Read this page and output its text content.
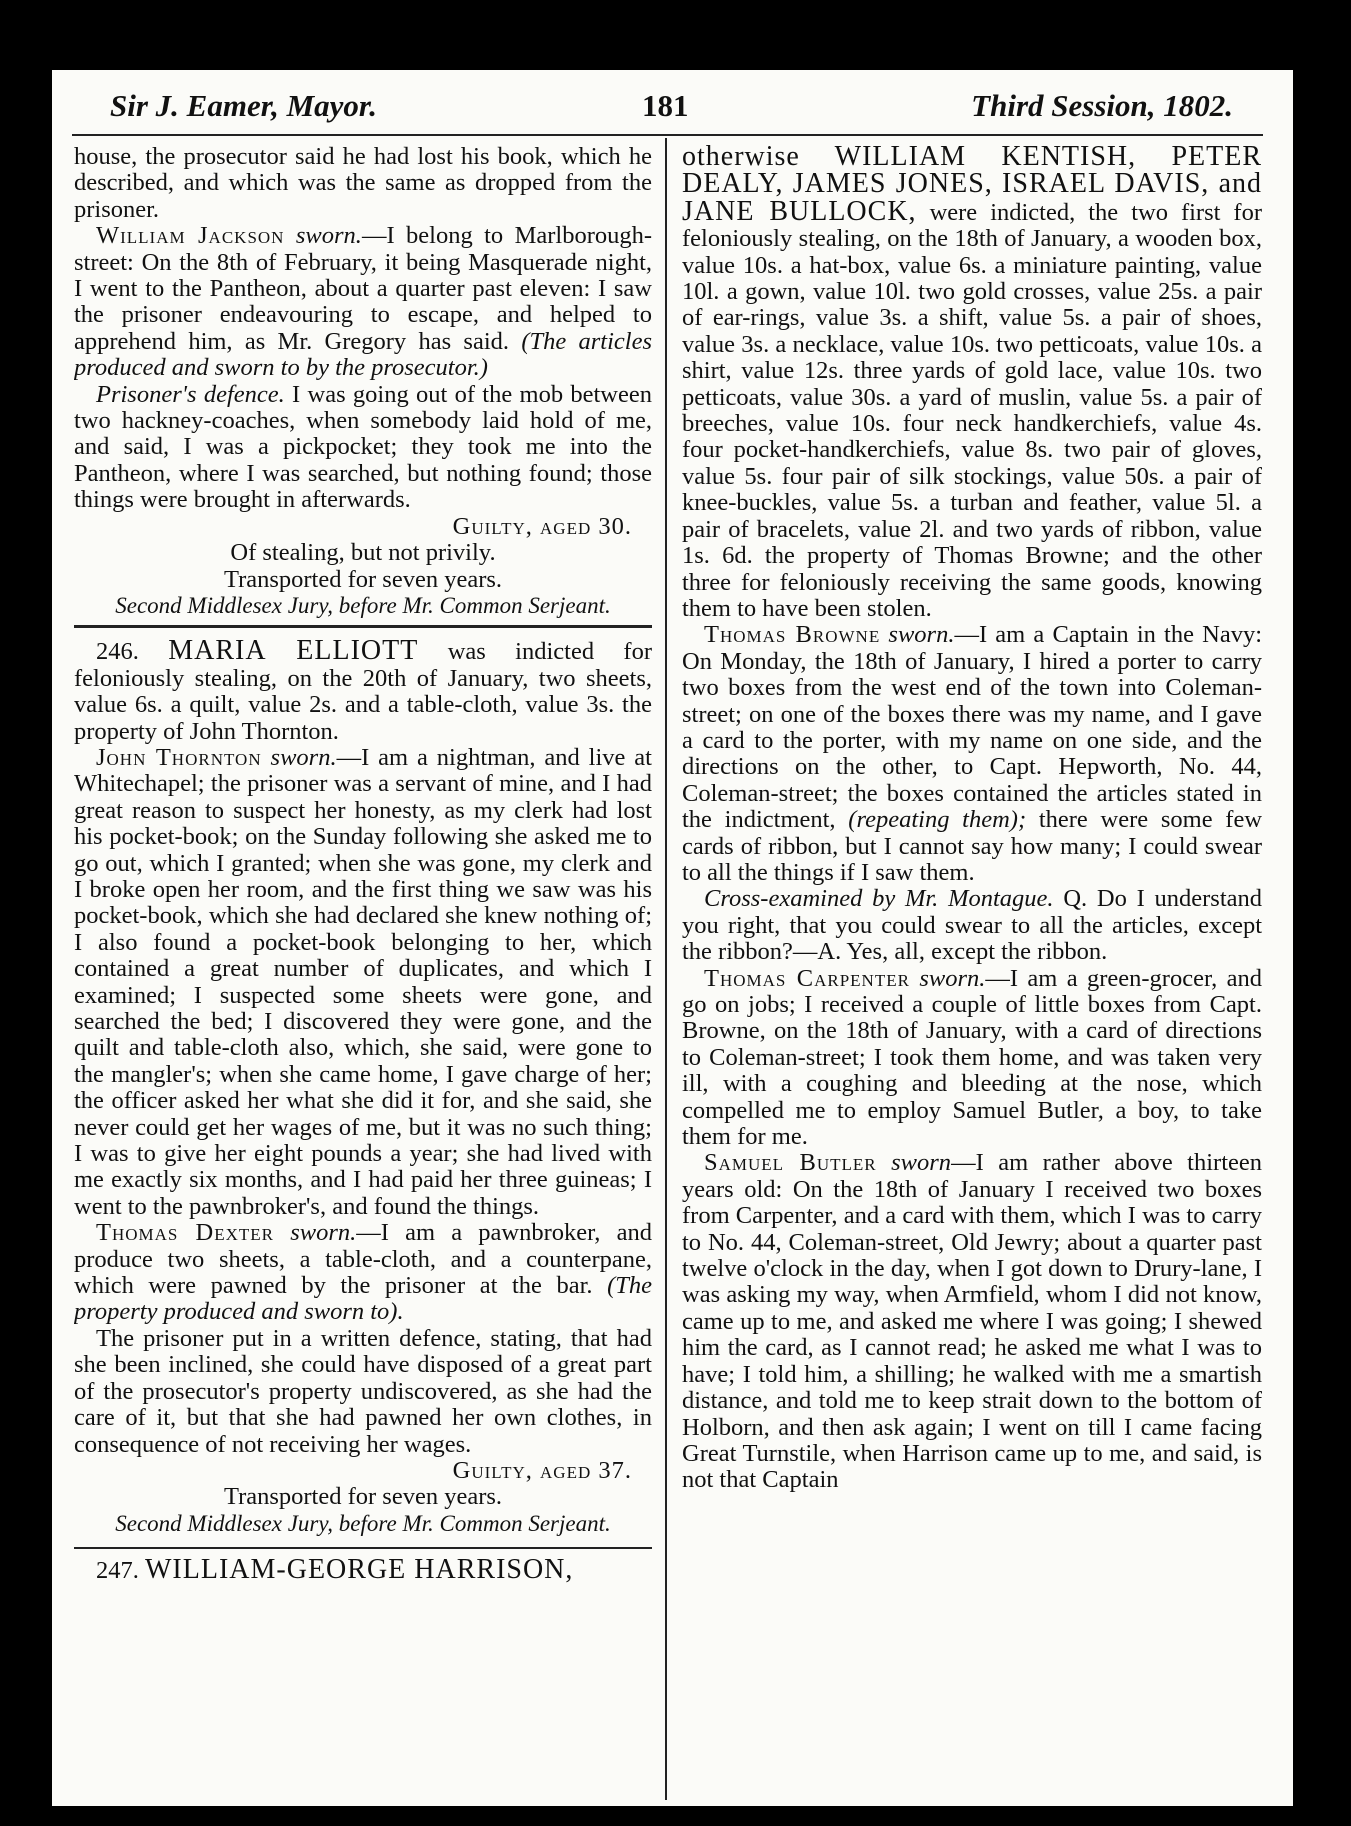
Sir J. Eamer, Mayor.	181	Third Session, 1802.

house, the prosecutor said he had lost his book, which he described, and which was the same as dropped from the prisoner.

William Jackson sworn.—I belong to Marlborough-street: On the 8th of February, it being Masquerade night, I went to the Pantheon, about a quarter past eleven: I saw the prisoner endeavouring to escape, and helped to apprehend him, as Mr. Gregory has said. (The articles produced and sworn to by the prosecutor.)

Prisoner's defence. I was going out of the mob between two hackney-coaches, when somebody laid hold of me, and said, I was a pickpocket; they took me into the Pantheon, where I was searched, but nothing found; those things were brought in afterwards.

Guilty, aged 30.

Of stealing, but not privily.

Transported for seven years.

Second Middlesex Jury, before Mr. Common Serjeant.

246. MARIA ELLIOTT was indicted for feloniously stealing, on the 20th of January, two sheets, value 6s. a quilt, value 2s. and a table-cloth, value 3s. the property of John Thornton.

John Thornton sworn.—I am a nightman, and live at Whitechapel; the prisoner was a servant of mine, and I had great reason to suspect her honesty, as my clerk had lost his pocket-book; on the Sunday following she asked me to go out, which I granted; when she was gone, my clerk and I broke open her room, and the first thing we saw was his pocket-book, which she had declared she knew nothing of; I also found a pocket-book belonging to her, which contained a great number of duplicates, and which I examined; I suspected some sheets were gone, and searched the bed; I discovered they were gone, and the quilt and table-cloth also, which, she said, were gone to the mangler's; when she came home, I gave charge of her; the officer asked her what she did it for, and she said, she never could get her wages of me, but it was no such thing; I was to give her eight pounds a year; she had lived with me exactly six months, and I had paid her three guineas; I went to the pawnbroker's, and found the things.

Thomas Dexter sworn.—I am a pawnbroker, and produce two sheets, a table-cloth, and a counterpane, which were pawned by the prisoner at the bar. (The property produced and sworn to).

The prisoner put in a written defence, stating, that had she been inclined, she could have disposed of a great part of the prosecutor's property undiscovered, as she had the care of it, but that she had pawned her own clothes, in consequence of not receiving her wages.

Guilty, aged 37.

Transported for seven years.

Second Middlesex Jury, before Mr. Common Serjeant.

247. WILLIAM-GEORGE HARRISON,

otherwise WILLIAM KENTISH, PETER DEALY, JAMES JONES, ISRAEL DAVIS, and JANE BULLOCK, were indicted, the two first for feloniously stealing, on the 18th of January, a wooden box, value 10s. a hat-box, value 6s. a miniature painting, value 10l. a gown, value 10l. two gold crosses, value 25s. a pair of ear-rings, value 3s. a shift, value 5s. a pair of shoes, value 3s. a necklace, value 10s. two petticoats, value 10s. a shirt, value 12s. three yards of gold lace, value 10s. two petticoats, value 30s. a yard of muslin, value 5s. a pair of breeches, value 10s. four neck handkerchiefs, value 4s. four pocket-handkerchiefs, value 8s. two pair of gloves, value 5s. four pair of silk stockings, value 50s. a pair of knee-buckles, value 5s. a turban and feather, value 5l. a pair of bracelets, value 2l. and two yards of ribbon, value 1s. 6d. the property of Thomas Browne; and the other three for feloniously receiving the same goods, knowing them to have been stolen.

Thomas Browne sworn.—I am a Captain in the Navy: On Monday, the 18th of January, I hired a porter to carry two boxes from the west end of the town into Coleman-street; on one of the boxes there was my name, and I gave a card to the porter, with my name on one side, and the directions on the other, to Capt. Hepworth, No. 44, Coleman-street; the boxes contained the articles stated in the indictment, (repeating them); there were some few cards of ribbon, but I cannot say how many; I could swear to all the things if I saw them.

Cross-examined by Mr. Montague. Q. Do I understand you right, that you could swear to all the articles, except the ribbon?—A. Yes, all, except the ribbon.

Thomas Carpenter sworn.—I am a green-grocer, and go on jobs; I received a couple of little boxes from Capt. Browne, on the 18th of January, with a card of directions to Coleman-street; I took them home, and was taken very ill, with a coughing and bleeding at the nose, which compelled me to employ Samuel Butler, a boy, to take them for me.

Samuel Butler sworn—I am rather above thirteen years old: On the 18th of January I received two boxes from Carpenter, and a card with them, which I was to carry to No. 44, Coleman-street, Old Jewry; about a quarter past twelve o'clock in the day, when I got down to Drury-lane, I was asking my way, when Armfield, whom I did not know, came up to me, and asked me where I was going; I shewed him the card, as I cannot read; he asked me what I was to have; I told him, a shilling; he walked with me a smartish distance, and told me to keep strait down to the bottom of Holborn, and then ask again; I went on till I came facing Great Turnstile, when Harrison came up to me, and said, is not that Captain
